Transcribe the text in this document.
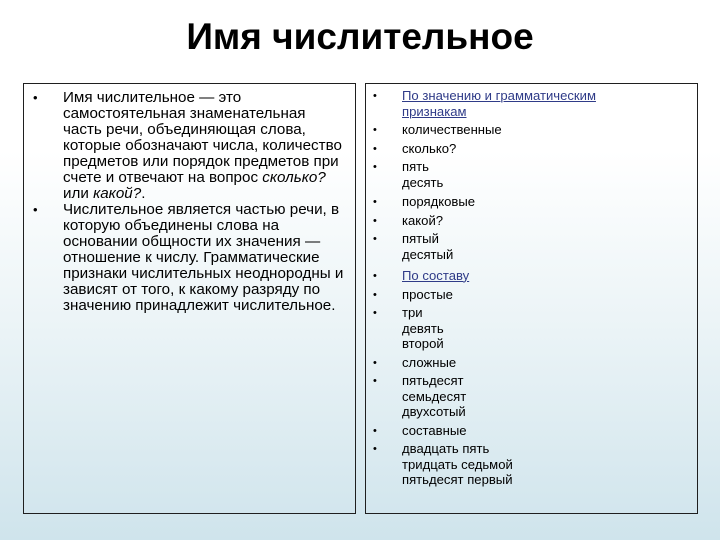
Имя числительное
•	Имя числительное — это самостоятельная знаменательная часть речи, объединяющая слова, которые обозначают числа, количество предметов или порядок предметов при счете и отвечают на вопрос сколько? или какой?.
•	Числительное является частью речи, в которую объединены слова на основании общности их значения — отношение к числу. Грамматические признаки числительных неоднородны и зависят от того, к какому разряду по значению принадлежит числительное.
•	По значению и грамматическим
признакам
•	количественные
•	сколько?
•	пять
десять
•	порядковые
•	какой?
•	пятый
десятый
•	По составу
•	простые
•	три
девять
второй
•	сложные
•	пятьдесят
семьдесят
двухсотый
•	составные
•	двадцать пять
тридцать седьмой
пятьдесят первый
